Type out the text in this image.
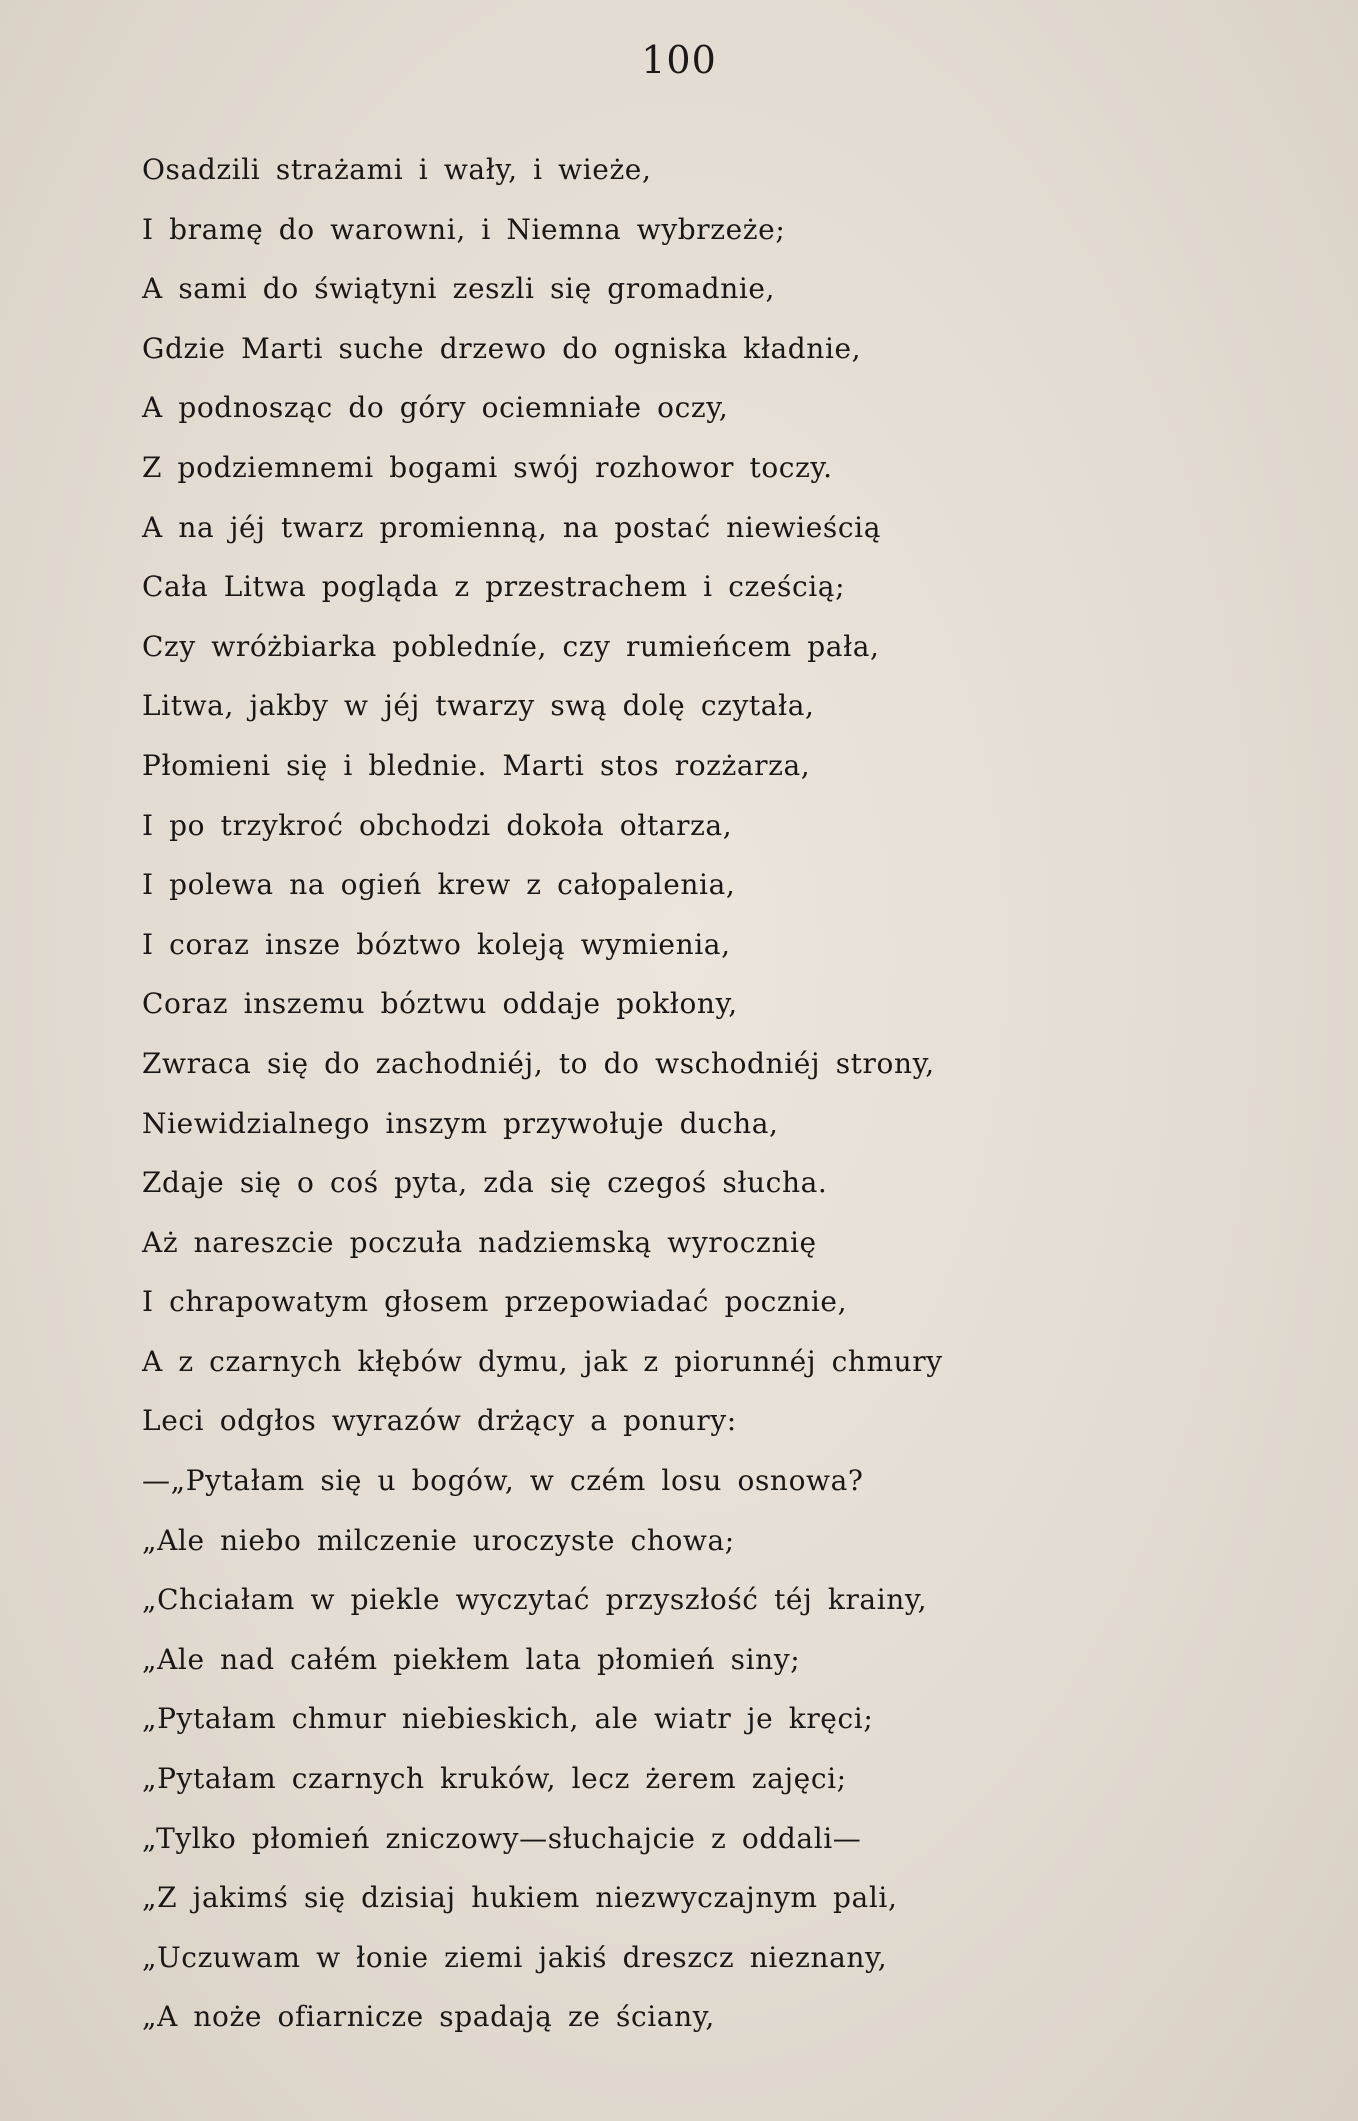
100
Osadzili strażami i wały, i wieże,
I bramę do warowni, i Niemna wybrzeże;
A sami do świątyni zeszli się gromadnie,
Gdzie Marti suche drzewo do ogniska kładnie,
A podnosząc do góry ociemniałe oczy,
Z podziemnemi bogami swój rozhowor toczy.
A na jéj twarz promienną, na postać niewieścią
Cała Litwa pogląda z przestrachem i cześcią;
Czy wróżbiarka pobledníe, czy rumieńcem pała,
Litwa, jakby w jéj twarzy swą dolę czytała,
Płomieni się i blednie. Marti stos rozżarza,
I po trzykroć obchodzi dokoła ołtarza,
I polewa na ogień krew z całopalenia,
I coraz insze bóztwo koleją wymienia,
Coraz inszemu bóztwu oddaje pokłony,
Zwraca się do zachodniéj, to do wschodniéj strony,
Niewidzialnego inszym przywołuje ducha,
Zdaje się o coś pyta, zda się czegoś słucha.
Aż nareszcie poczuła nadziemską wyrocznię
I chrapowatym głosem przepowiadać pocznie,
A z czarnych kłębów dymu, jak z piorunnéj chmury
Leci odgłos wyrazów drżący a ponury:
—„Pytałam się u bogów, w czém losu osnowa?
„Ale niebo milczenie uroczyste chowa;
„Chciałam w piekle wyczytać przyszłość téj krainy,
„Ale nad całém piekłem lata płomień siny;
„Pytałam chmur niebieskich, ale wiatr je kręci;
„Pytałam czarnych kruków, lecz żerem zajęci;
„Tylko płomień zniczowy—słuchajcie z oddali—
„Z jakimś się dzisiaj hukiem niezwyczajnym pali,
„Uczuwam w łonie ziemi jakiś dreszcz nieznany,
„A noże ofiarnicze spadają ze ściany,
